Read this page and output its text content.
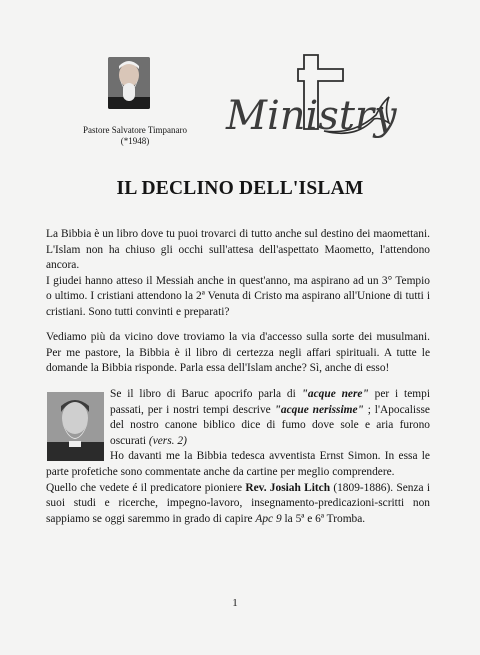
Pastore Salvatore Timpanaro
(*1948)
Ministry
IL DECLINO DELL'ISLAM

La Bibbia è un libro dove tu puoi trovarci di tutto anche sul destino dei maomettani. L'Islam non ha chiuso gli occhi sull'attesa dell'aspettato Maometto, l'attendono ancora.
I giudei hanno atteso il Messiah anche in quest'anno, ma aspirano ad un 3° Tempio o ultimo. I cristiani attendono la 2ª Venuta di Cristo ma aspirano all'Unione di tutti i cristiani. Sono tutti convinti e preparati?

Vediamo più da vicino dove troviamo la via d'accesso sulla sorte dei musulmani. Per me pastore, la Bibbia è il libro di certezza negli affari spirituali. A tutte le domande la Bibbia risponde. Parla essa dell'Islam anche? Sì, anche di esso!

Se il libro di Baruc apocrifo parla di "acque nere" per i tempi passati, per i nostri tempi descrive "acque nerissime" ; l'Apocalisse del nostro canone biblico dice di fumo dove sole e aria furono oscurati (vers. 2)
Ho davanti me la Bibbia tedesca avventista Ernst Simon. In essa le parte profetiche sono commentate anche da cartine per meglio comprendere.
Quello che vedete é il predicatore pioniere Rev. Josiah Litch (1809-1886). Senza i suoi studi e ricerche, impegno-lavoro, insegnamento-predicazioni-scritti non sappiamo se oggi saremmo in grado di capire Apc 9 la 5ª e 6ª Tromba.
1
